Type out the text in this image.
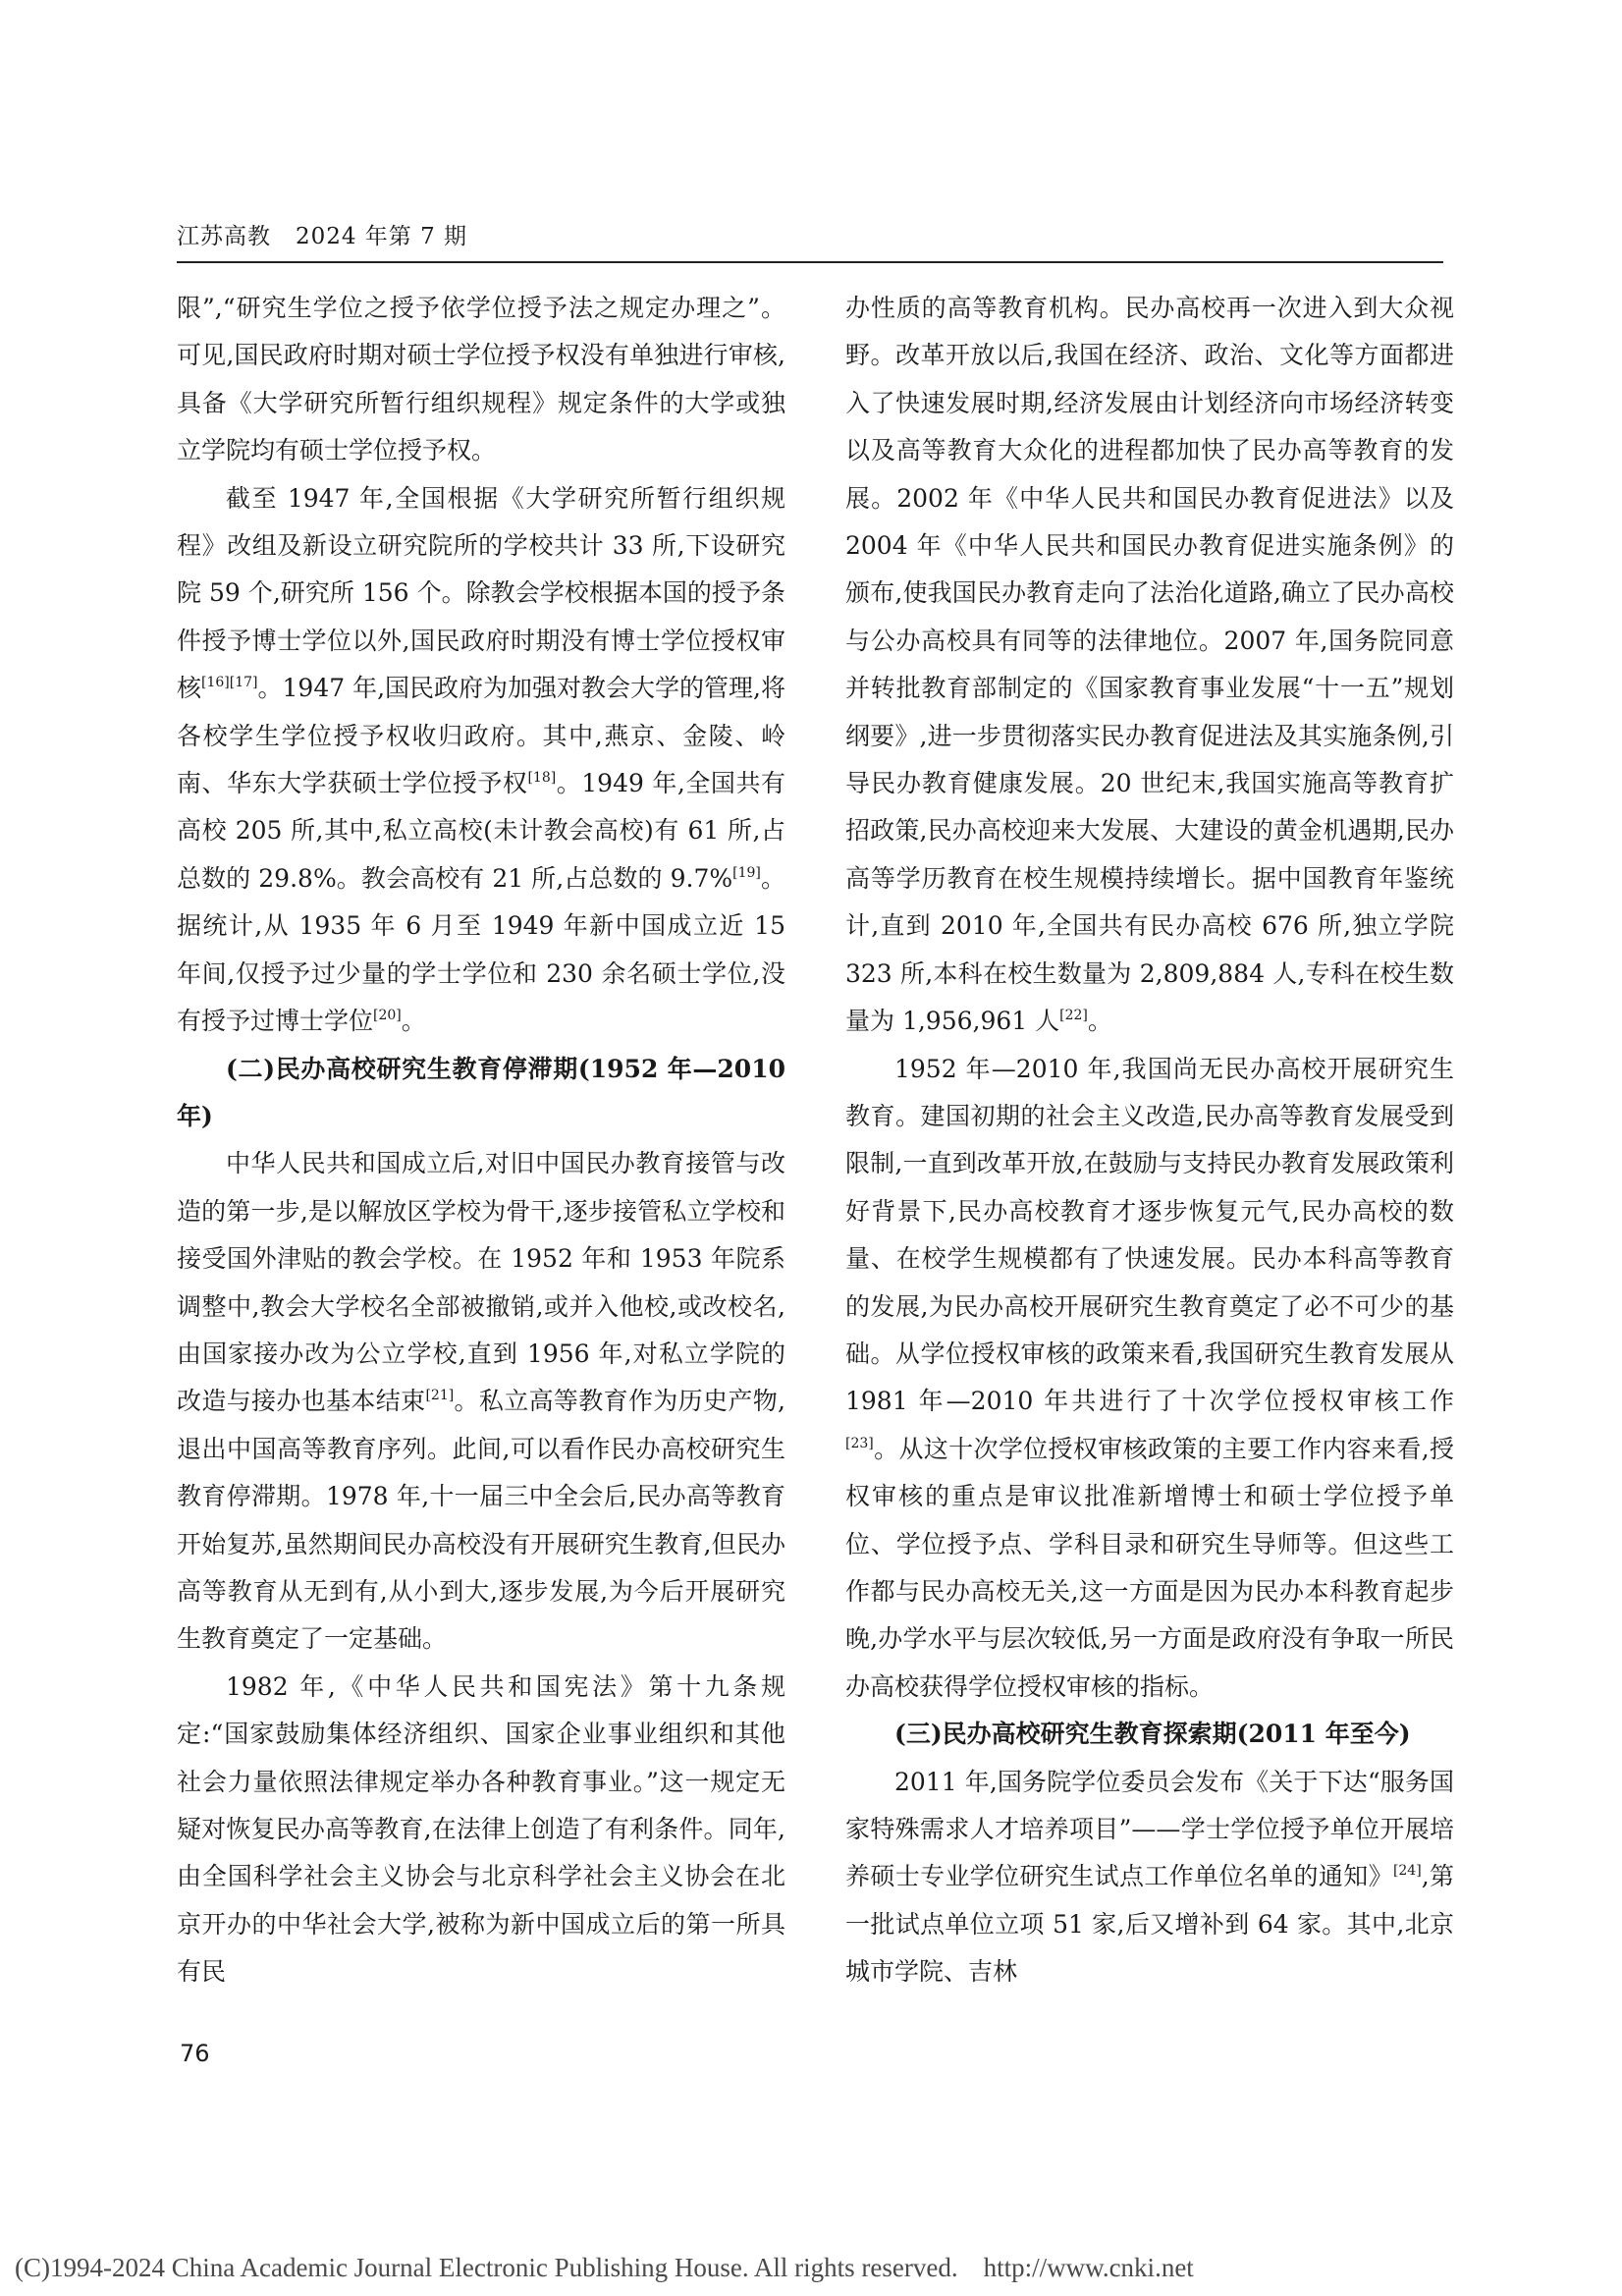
江苏高教 2024 年第 7 期

限”,“研究生学位之授予依学位授予法之规定办理之”。可见,国民政府时期对硕士学位授予权没有单独进行审核,具备《大学研究所暂行组织规程》规定条件的大学或独立学院均有硕士学位授予权。

截至 1947 年,全国根据《大学研究所暂行组织规程》改组及新设立研究院所的学校共计 33 所,下设研究院 59 个,研究所 156 个。除教会学校根据本国的授予条件授予博士学位以外,国民政府时期没有博士学位授权审核[16][17]。1947 年,国民政府为加强对教会大学的管理,将各校学生学位授予权收归政府。其中,燕京、金陵、岭南、华东大学获硕士学位授予权[18]。1949 年,全国共有高校 205 所,其中,私立高校(未计教会高校)有 61 所,占总数的 29.8%。教会高校有 21 所,占总数的 9.7%[19]。据统计,从 1935 年 6 月至 1949 年新中国成立近 15 年间,仅授予过少量的学士学位和 230 余名硕士学位,没有授予过博士学位[20]。

(二)民办高校研究生教育停滞期(1952 年—2010 年)

中华人民共和国成立后,对旧中国民办教育接管与改造的第一步,是以解放区学校为骨干,逐步接管私立学校和接受国外津贴的教会学校。在 1952 年和 1953 年院系调整中,教会大学校名全部被撤销,或并入他校,或改校名,由国家接办改为公立学校,直到 1956 年,对私立学院的改造与接办也基本结束[21]。私立高等教育作为历史产物,退出中国高等教育序列。此间,可以看作民办高校研究生教育停滞期。1978 年,十一届三中全会后,民办高等教育开始复苏,虽然期间民办高校没有开展研究生教育,但民办高等教育从无到有,从小到大,逐步发展,为今后开展研究生教育奠定了一定基础。

1982 年,《中华人民共和国宪法》第十九条规定:“国家鼓励集体经济组织、国家企业事业组织和其他社会力量依照法律规定举办各种教育事业。”这一规定无疑对恢复民办高等教育,在法律上创造了有利条件。同年,由全国科学社会主义协会与北京科学社会主义协会在北京开办的中华社会大学,被称为新中国成立后的第一所具有民

办性质的高等教育机构。民办高校再一次进入到大众视野。改革开放以后,我国在经济、政治、文化等方面都进入了快速发展时期,经济发展由计划经济向市场经济转变以及高等教育大众化的进程都加快了民办高等教育的发展。2002 年《中华人民共和国民办教育促进法》以及 2004 年《中华人民共和国民办教育促进实施条例》的颁布,使我国民办教育走向了法治化道路,确立了民办高校与公办高校具有同等的法律地位。2007 年,国务院同意并转批教育部制定的《国家教育事业发展“十一五”规划纲要》,进一步贯彻落实民办教育促进法及其实施条例,引导民办教育健康发展。20 世纪末,我国实施高等教育扩招政策,民办高校迎来大发展、大建设的黄金机遇期,民办高等学历教育在校生规模持续增长。据中国教育年鉴统计,直到 2010 年,全国共有民办高校 676 所,独立学院 323 所,本科在校生数量为 2,809,884 人,专科在校生数量为 1,956,961 人[22]。

1952 年—2010 年,我国尚无民办高校开展研究生教育。建国初期的社会主义改造,民办高等教育发展受到限制,一直到改革开放,在鼓励与支持民办教育发展政策利好背景下,民办高校教育才逐步恢复元气,民办高校的数量、在校学生规模都有了快速发展。民办本科高等教育的发展,为民办高校开展研究生教育奠定了必不可少的基础。从学位授权审核的政策来看,我国研究生教育发展从 1981 年—2010 年共进行了十次学位授权审核工作[23]。从这十次学位授权审核政策的主要工作内容来看,授权审核的重点是审议批准新增博士和硕士学位授予单位、学位授予点、学科目录和研究生导师等。但这些工作都与民办高校无关,这一方面是因为民办本科教育起步晚,办学水平与层次较低,另一方面是政府没有争取一所民办高校获得学位授权审核的指标。

(三)民办高校研究生教育探索期(2011 年至今)

2011 年,国务院学位委员会发布《关于下达“服务国家特殊需求人才培养项目”——学士学位授予单位开展培养硕士专业学位研究生试点工作单位名单的通知》[24],第一批试点单位立项 51 家,后又增补到 64 家。其中,北京城市学院、吉林

76
(C)1994-2024 China Academic Journal Electronic Publishing House. All rights reserved. http://www.cnki.net
